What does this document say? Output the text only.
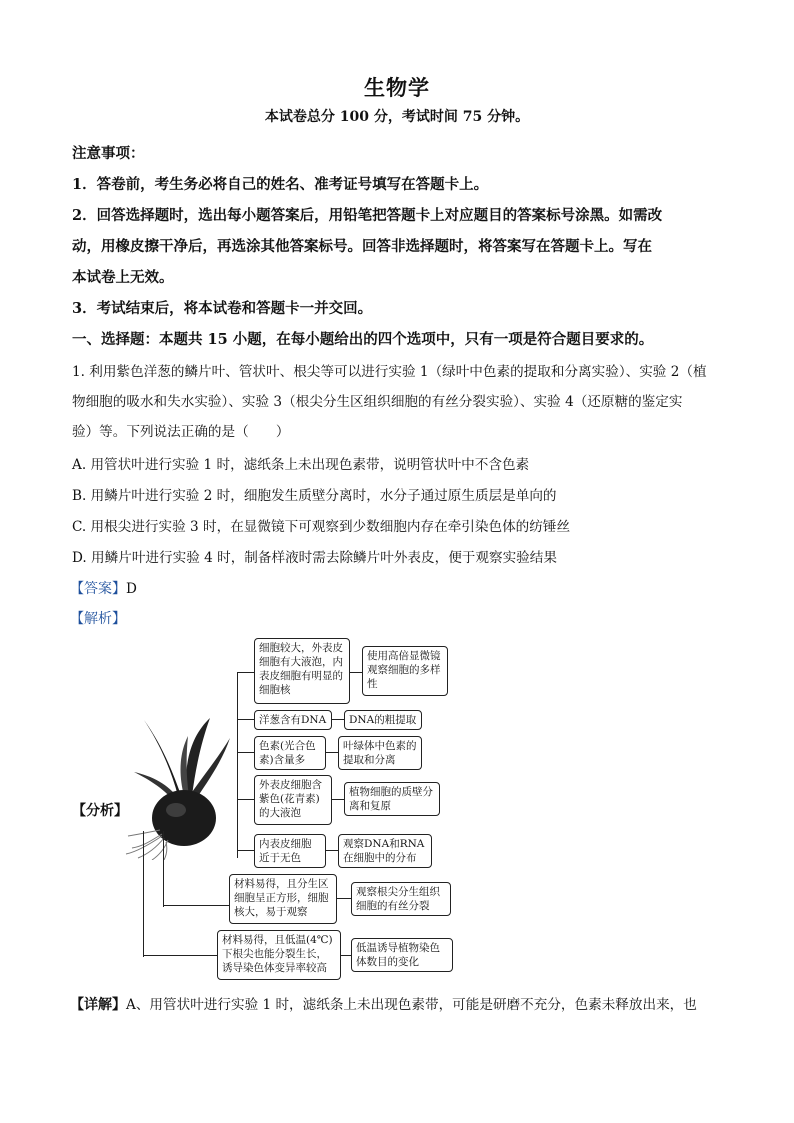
生物学
本试卷总分 100 分，考试时间 75 分钟。
注意事项：
1．答卷前，考生务必将自己的姓名、准考证号填写在答题卡上。
2．回答选择题时，选出每小题答案后，用铅笔把答题卡上对应题目的答案标号涂黑。如需改
动，用橡皮擦干净后，再选涂其他答案标号。回答非选择题时，将答案写在答题卡上。写在
本试卷上无效。
3．考试结束后，将本试卷和答题卡一并交回。
一、选择题：本题共 15 小题，在每小题给出的四个选项中，只有一项是符合题目要求的。
1. 利用紫色洋葱的鳞片叶、管状叶、根尖等可以进行实验 1（绿叶中色素的提取和分离实验）、实验 2（植
物细胞的吸水和失水实验）、实验 3（根尖分生区组织细胞的有丝分裂实验）、实验 4（还原糖的鉴定实
验）等。下列说法正确的是（　　）
A. 用管状叶进行实验 1 时，滤纸条上未出现色素带，说明管状叶中不含色素
B. 用鳞片叶进行实验 2 时，细胞发生质壁分离时，水分子通过原生质层是单向的
C. 用根尖进行实验 3 时，在显微镜下可观察到少数细胞内存在牵引染色体的纺锤丝
D. 用鳞片叶进行实验 4 时，制备样液时需去除鳞片叶外表皮，便于观察实验结果
【答案】D
【解析】
【分析】
细胞较大，外表皮细胞有大液泡，内表皮细胞有明显的细胞核
洋葱含有DNA
色素(光合色素)含量多
外表皮细胞含紫色(花青素)的大液泡
内表皮细胞近于无色
材料易得，且分生区细胞呈正方形，细胞核大，易于观察
材料易得，且低温(4℃)下根尖也能分裂生长，诱导染色体变异率较高
使用高倍显微镜观察细胞的多样性
DNA的粗提取
叶绿体中色素的提取和分离
植物细胞的质壁分离和复原
观察DNA和RNA在细胞中的分布
观察根尖分生组织细胞的有丝分裂
低温诱导植物染色体数目的变化
【详解】A、用管状叶进行实验 1 时，滤纸条上未出现色素带，可能是研磨不充分，色素未释放出来，也
